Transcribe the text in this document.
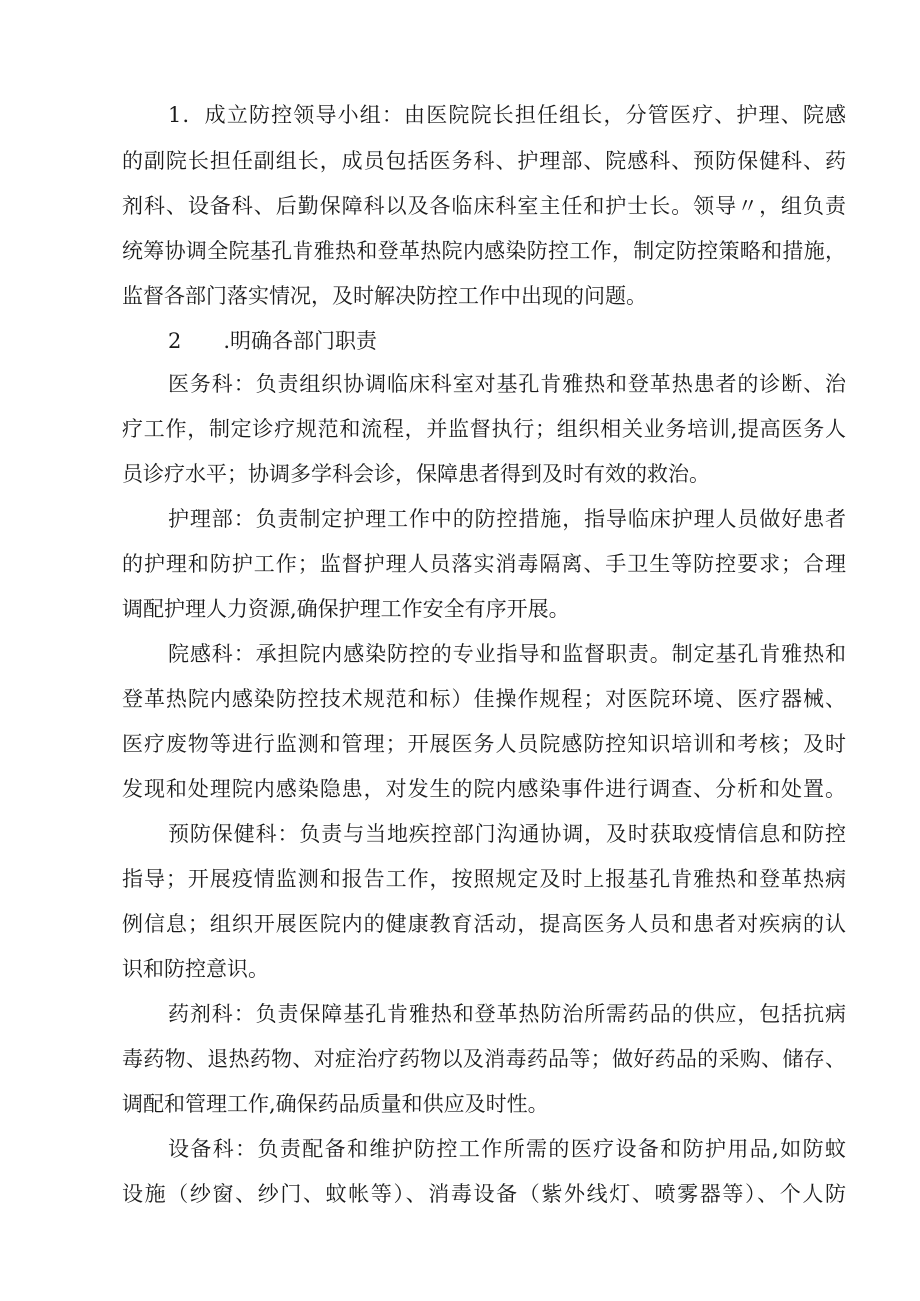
1．成立防控领导小组：由医院院长担任组长，分管医疗、护理、院感
的副院长担任副组长，成员包括医务科、护理部、院感科、预防保健科、药
剂科、设备科、后勤保障科以及各临床科室主任和护士长。领导〃，组负责
统筹协调全院基孔肯雅热和登革热院内感染防控工作，制定防控策略和措施，
监督各部门落实情况，及时解决防控工作中出现的问题。
2　　.明确各部门职责
医务科：负责组织协调临床科室对基孔肯雅热和登革热患者的诊断、治
疗工作，制定诊疗规范和流程，并监督执行；组织相关业务培训,提高医务人
员诊疗水平；协调多学科会诊，保障患者得到及时有效的救治。
护理部：负责制定护理工作中的防控措施，指导临床护理人员做好患者
的护理和防护工作；监督护理人员落实消毒隔离、手卫生等防控要求；合理
调配护理人力资源,确保护理工作安全有序开展。
院感科：承担院内感染防控的专业指导和监督职责。制定基孔肯雅热和
登革热院内感染防控技术规范和标）佳操作规程；对医院环境、医疗器械、
医疗废物等进行监测和管理；开展医务人员院感防控知识培训和考核；及时
发现和处理院内感染隐患，对发生的院内感染事件进行调查、分析和处置。
预防保健科：负责与当地疾控部门沟通协调，及时获取疫情信息和防控
指导；开展疫情监测和报告工作，按照规定及时上报基孔肯雅热和登革热病
例信息；组织开展医院内的健康教育活动，提高医务人员和患者对疾病的认
识和防控意识。
药剂科：负责保障基孔肯雅热和登革热防治所需药品的供应，包括抗病
毒药物、退热药物、对症治疗药物以及消毒药品等；做好药品的采购、储存、
调配和管理工作,确保药品质量和供应及时性。
设备科：负责配备和维护防控工作所需的医疗设备和防护用品,如防蚊
设施（纱窗、纱门、蚊帐等）、消毒设备（紫外线灯、喷雾器等）、个人防
